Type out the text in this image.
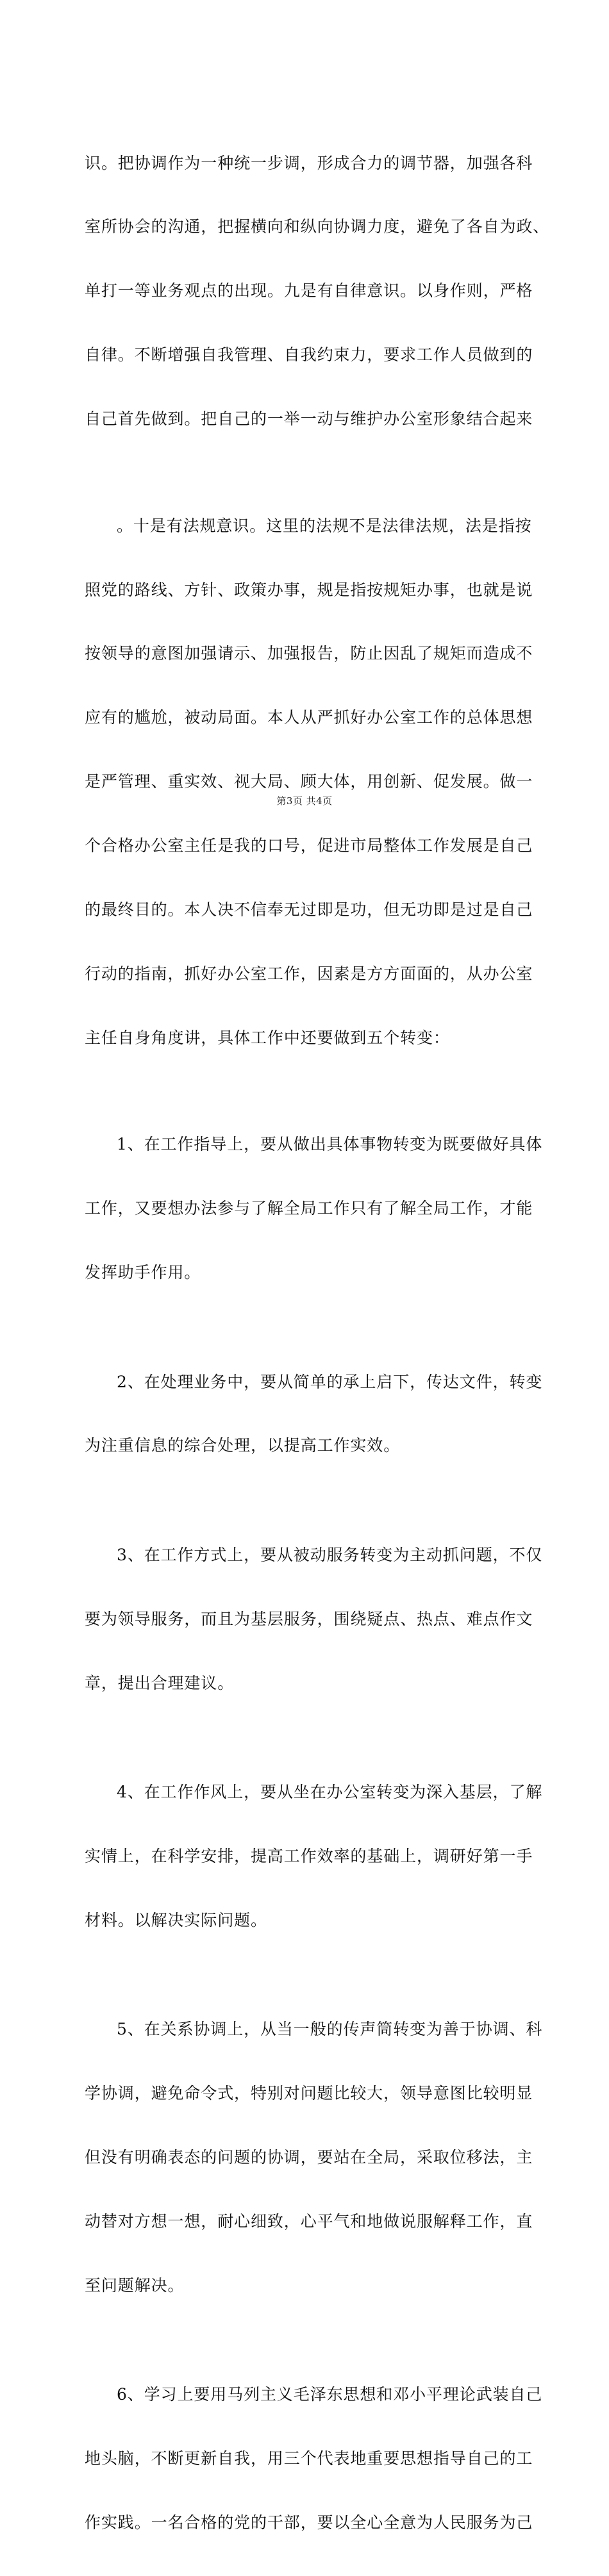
识。把协调作为一种统一步调，形成合力的调节器，加强各科

室所协会的沟通，把握横向和纵向协调力度，避免了各自为政、

单打一等业务观点的出现。九是有自律意识。以身作则，严格

自律。不断增强自我管理、自我约束力，要求工作人员做到的

自己首先做到。把自己的一举一动与维护办公室形象结合起来

。十是有法规意识。这里的法规不是法律法规，法是指按

照党的路线、方针、政策办事，规是指按规矩办事，也就是说

按领导的意图加强请示、加强报告，防止因乱了规矩而造成不

应有的尴尬，被动局面。本人从严抓好办公室工作的总体思想

是严管理、重实效、视大局、顾大体，用创新、促发展。做一

个合格办公室主任是我的口号，促进市局整体工作发展是自己

的最终目的。本人决不信奉无过即是功，但无功即是过是自己

行动的指南，抓好办公室工作，因素是方方面面的，从办公室

主任自身角度讲，具体工作中还要做到五个转变：

1、在工作指导上，要从做出具体事物转变为既要做好具体

工作，又要想办法参与了解全局工作只有了解全局工作，才能

发挥助手作用。

2、在处理业务中，要从简单的承上启下，传达文件，转变

为注重信息的综合处理，以提高工作实效。

3、在工作方式上，要从被动服务转变为主动抓问题，不仅

要为领导服务，而且为基层服务，围绕疑点、热点、难点作文

章，提出合理建议。

4、在工作作风上，要从坐在办公室转变为深入基层，了解

实情上，在科学安排，提高工作效率的基础上，调研好第一手

材料。以解决实际问题。

5、在关系协调上，从当一般的传声筒转变为善于协调、科

学协调，避免命令式，特别对问题比较大，领导意图比较明显

但没有明确表态的问题的协调，要站在全局，采取位移法，主

动替对方想一想，耐心细致，心平气和地做说服解释工作，直

至问题解决。

6、学习上要用马列主义毛泽东思想和邓小平理论武装自己

地头脑，不断更新自我，用三个代表地重要思想指导自己的工

作实践。一名合格的党的干部，要以全心全意为人民服务为己

第3页 共4页
